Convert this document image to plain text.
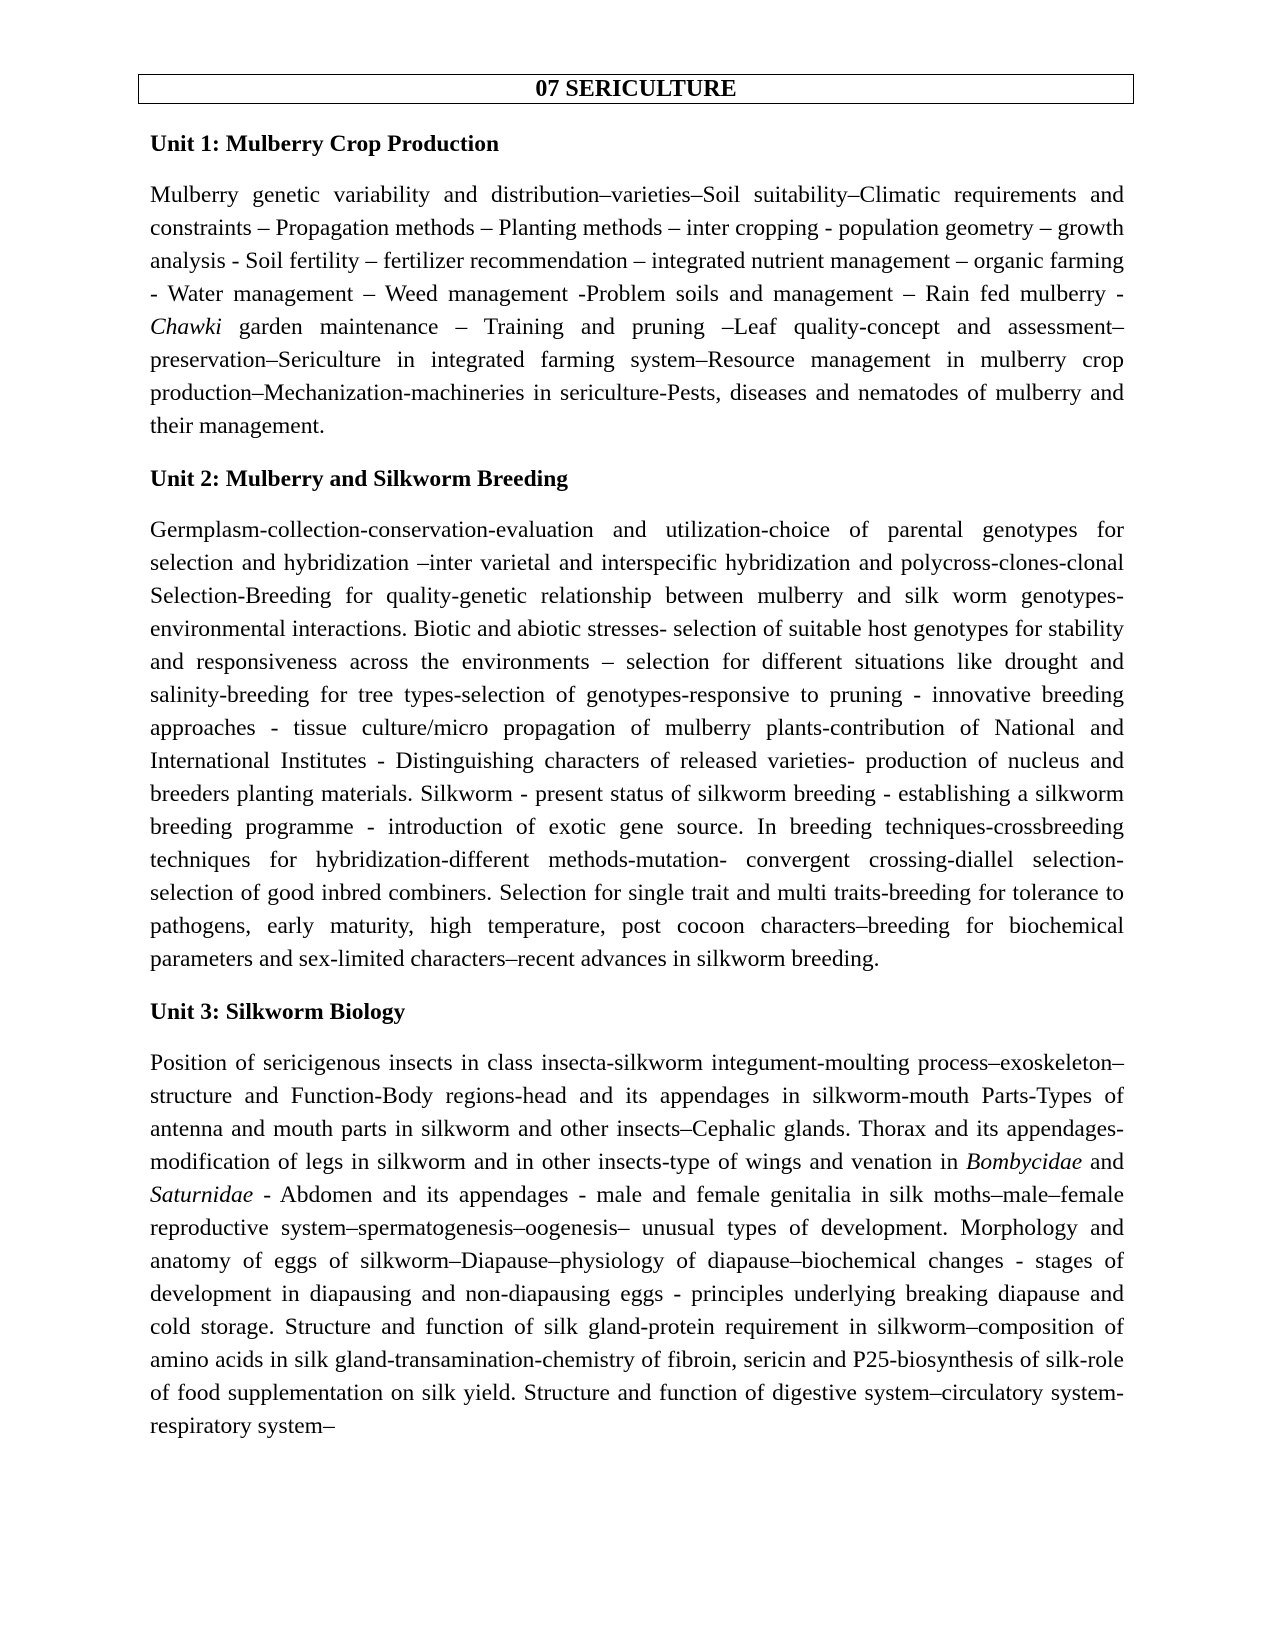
07 SERICULTURE
Unit 1: Mulberry Crop Production

Mulberry genetic variability and distribution–varieties–Soil suitability–Climatic requirements and constraints – Propagation methods – Planting methods – inter cropping - population geometry – growth analysis - Soil fertility – fertilizer recommendation – integrated nutrient management – organic farming - Water management – Weed management -Problem soils and management – Rain fed mulberry - Chawki garden maintenance – Training and pruning –Leaf quality-concept and assessment–preservation–Sericulture in integrated farming system–Resource management in mulberry crop production–Mechanization-machineries in sericulture-Pests, diseases and nematodes of mulberry and their management.

Unit 2: Mulberry and Silkworm Breeding

Germplasm-collection-conservation-evaluation and utilization-choice of parental genotypes for selection and hybridization –inter varietal and interspecific hybridization and polycross-clones-clonal Selection-Breeding for quality-genetic relationship between mulberry and silk worm genotypes-environmental interactions. Biotic and abiotic stresses- selection of suitable host genotypes for stability and responsiveness across the environments – selection for different situations like drought and salinity-breeding for tree types-selection of genotypes-responsive to pruning - innovative breeding approaches - tissue culture/micro propagation of mulberry plants-contribution of National and International Institutes - Distinguishing characters of released varieties- production of nucleus and breeders planting materials. Silkworm - present status of silkworm breeding - establishing a silkworm breeding programme - introduction of exotic gene source. In breeding techniques-crossbreeding techniques for hybridization-different methods-mutation- convergent crossing-diallel selection-selection of good inbred combiners. Selection for single trait and multi traits-breeding for tolerance to pathogens, early maturity, high temperature, post cocoon characters–breeding for biochemical parameters and sex-limited characters–recent advances in silkworm breeding.

Unit 3: Silkworm Biology

Position of sericigenous insects in class insecta-silkworm integument-moulting process–exoskeleton–structure and Function-Body regions-head and its appendages in silkworm-mouth Parts-Types of antenna and mouth parts in silkworm and other insects–Cephalic glands. Thorax and its appendages-modification of legs in silkworm and in other insects-type of wings and venation in Bombycidae and Saturnidae - Abdomen and its appendages - male and female genitalia in silk moths–male–female reproductive system–spermatogenesis–oogenesis– unusual types of development. Morphology and anatomy of eggs of silkworm–Diapause–physiology of diapause–biochemical changes - stages of development in diapausing and non-diapausing eggs - principles underlying breaking diapause and cold storage. Structure and function of silk gland-protein requirement in silkworm–composition of amino acids in silk gland-transamination-chemistry of fibroin, sericin and P25-biosynthesis of silk-role of food supplementation on silk yield. Structure and function of digestive system–circulatory system-respiratory system–
